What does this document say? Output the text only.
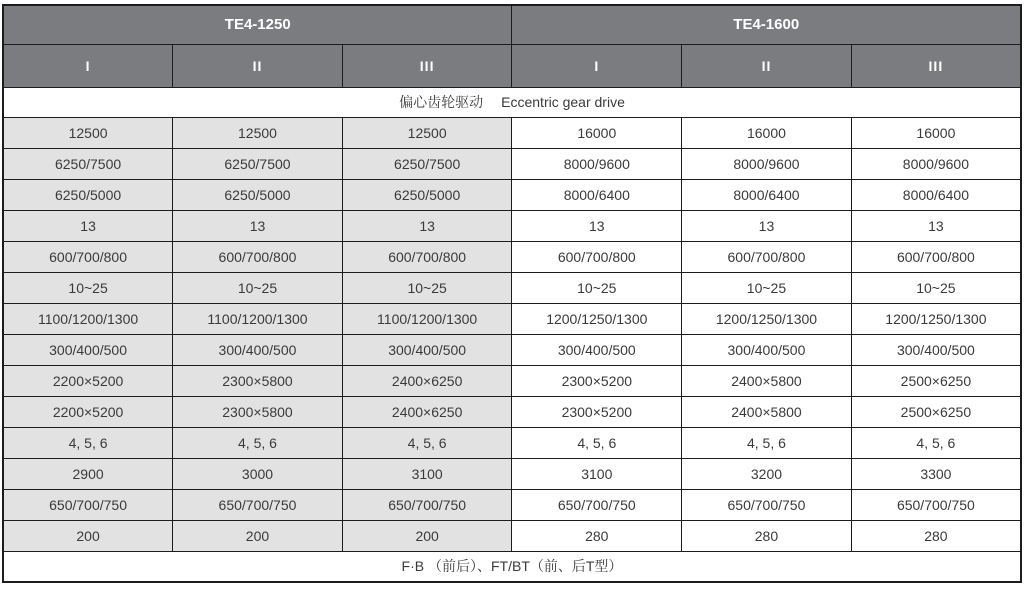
TE4-1250			TE4-1600		
I	II	III	I	II	III
偏心齿轮驱动 Eccentric gear drive					
12500	12500	12500	16000	16000	16000
6250/7500	6250/7500	6250/7500	8000/9600	8000/9600	8000/9600
6250/5000	6250/5000	6250/5000	8000/6400	8000/6400	8000/6400
13	13	13	13	13	13
600/700/800	600/700/800	600/700/800	600/700/800	600/700/800	600/700/800
10~25	10~25	10~25	10~25	10~25	10~25
1100/1200/1300	1100/1200/1300	1100/1200/1300	1200/1250/1300	1200/1250/1300	1200/1250/1300
300/400/500	300/400/500	300/400/500	300/400/500	300/400/500	300/400/500
2200×5200	2300×5800	2400×6250	2300×5200	2400×5800	2500×6250
2200×5200	2300×5800	2400×6250	2300×5200	2400×5800	2500×6250
4, 5, 6	4, 5, 6	4, 5, 6	4, 5, 6	4, 5, 6	4, 5, 6
2900	3000	3100	3100	3200	3300
650/700/750	650/700/750	650/700/750	650/700/750	650/700/750	650/700/750
200	200	200	280	280	280
F·B （前后）、FT/BT（前、后T型）					
